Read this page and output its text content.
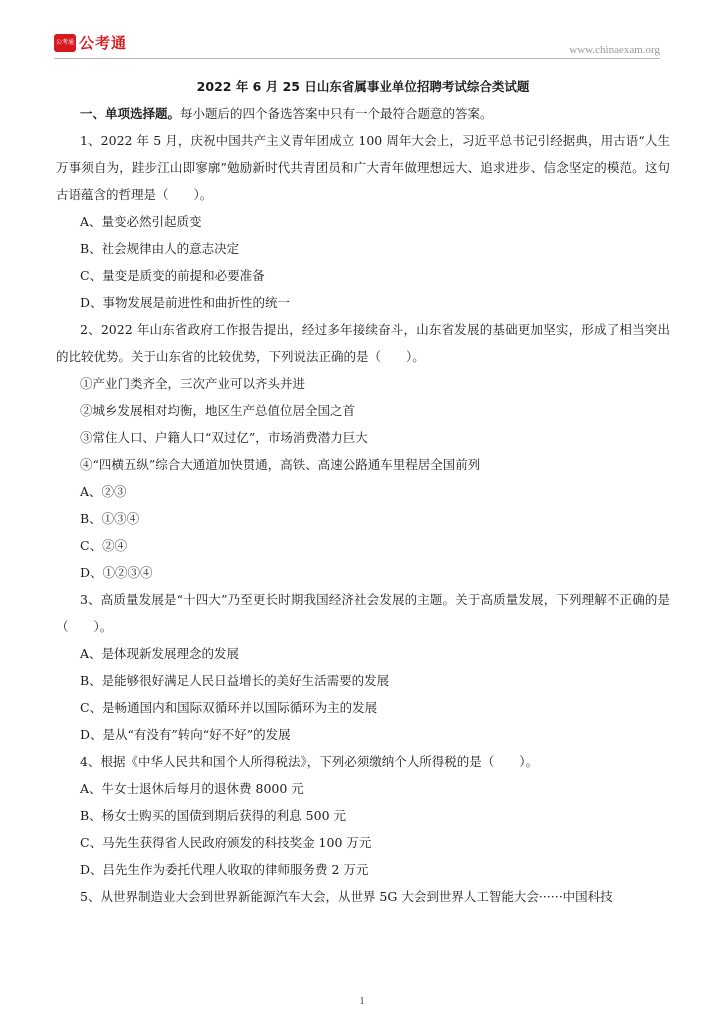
公考通 公考通	www.chinaexam.org

2022 年 6 月 25 日山东省属事业单位招聘考试综合类试题

一、单项选择题。每小题后的四个备选答案中只有一个最符合题意的答案。

1、2022 年 5 月，庆祝中国共产主义青年团成立 100 周年大会上，习近平总书记引经据典，用古语“人生万事须自为，跬步江山即寥廓”勉励新时代共青团员和广大青年做理想远大、追求进步、信念坚定的模范。这句古语蕴含的哲理是（　　）。

A、量变必然引起质变

B、社会规律由人的意志决定

C、量变是质变的前提和必要准备

D、事物发展是前进性和曲折性的统一

2、2022 年山东省政府工作报告提出，经过多年接续奋斗，山东省发展的基础更加坚实，形成了相当突出的比较优势。关于山东省的比较优势，下列说法正确的是（　　）。

①产业门类齐全，三次产业可以齐头并进

②城乡发展相对均衡，地区生产总值位居全国之首

③常住人口、户籍人口“双过亿”，市场消费潜力巨大

④“四横五纵”综合大通道加快贯通，高铁、高速公路通车里程居全国前列

A、②③

B、①③④

C、②④

D、①②③④

3、高质量发展是“十四大”乃至更长时期我国经济社会发展的主题。关于高质量发展，下列理解不正确的是（　　）。

A、是体现新发展理念的发展

B、是能够很好满足人民日益增长的美好生活需要的发展

C、是畅通国内和国际双循环并以国际循环为主的发展

D、是从“有没有”转向“好不好”的发展

4、根据《中华人民共和国个人所得税法》，下列必须缴纳个人所得税的是（　　）。

A、牛女士退休后每月的退休费 8000 元

B、杨女士购买的国债到期后获得的利息 500 元

C、马先生获得省人民政府颁发的科技奖金 100 万元

D、吕先生作为委托代理人收取的律师服务费 2 万元

5、从世界制造业大会到世界新能源汽车大会，从世界 5G 大会到世界人工智能大会······中国科技

1
